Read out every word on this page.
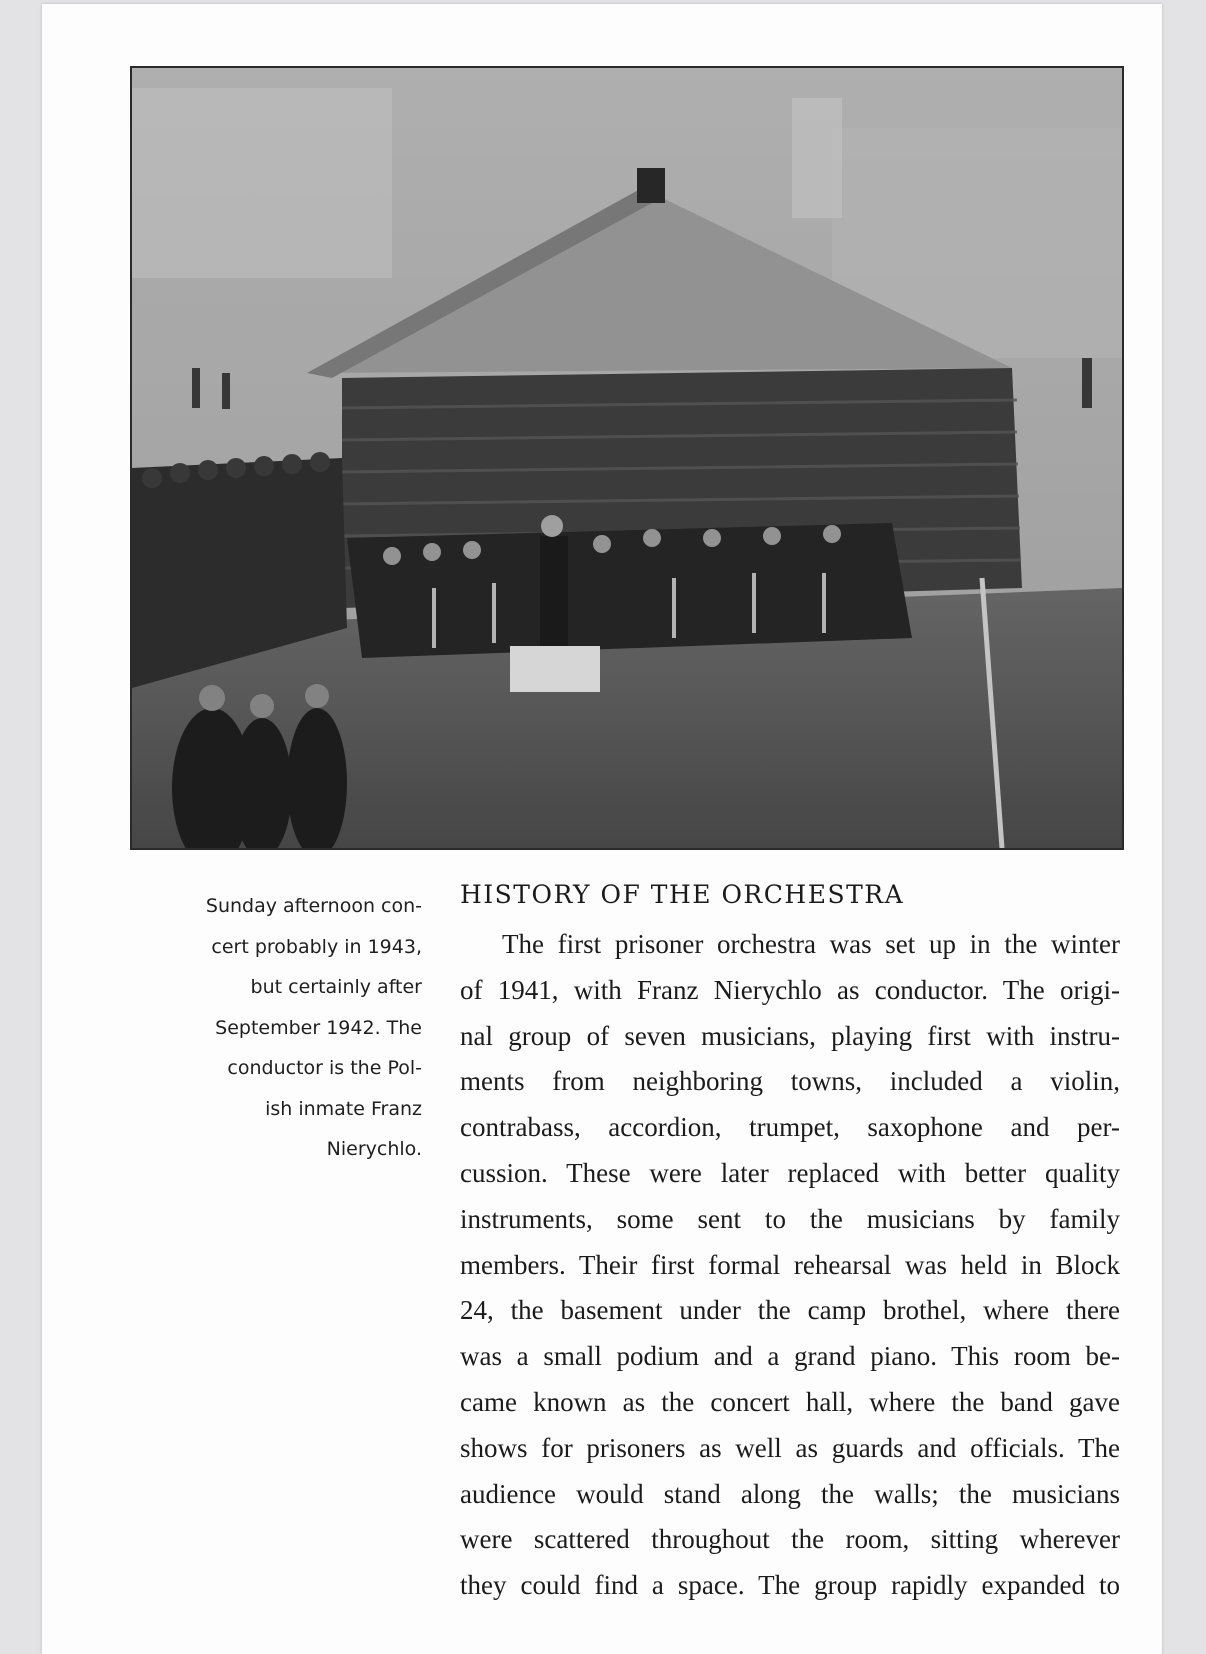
Sunday afternoon con-
cert probably in 1943,
but certainly after
September 1942. The
conductor is the Pol-
ish inmate Franz
Nierychlo.
HISTORY OF THE ORCHESTRA
The first prisoner orchestra was set up in the winter
of 1941, with Franz Nierychlo as conductor. The origi-
nal group of seven musicians, playing first with instru-
ments from neighboring towns, included a violin,
contrabass, accordion, trumpet, saxophone and per-
cussion. These were later replaced with better quality
instruments, some sent to the musicians by family
members. Their first formal rehearsal was held in Block
24, the basement under the camp brothel, where there
was a small podium and a grand piano. This room be-
came known as the concert hall, where the band gave
shows for prisoners as well as guards and officials. The
audience would stand along the walls; the musicians
were scattered throughout the room, sitting wherever
they could find a space. The group rapidly expanded to
